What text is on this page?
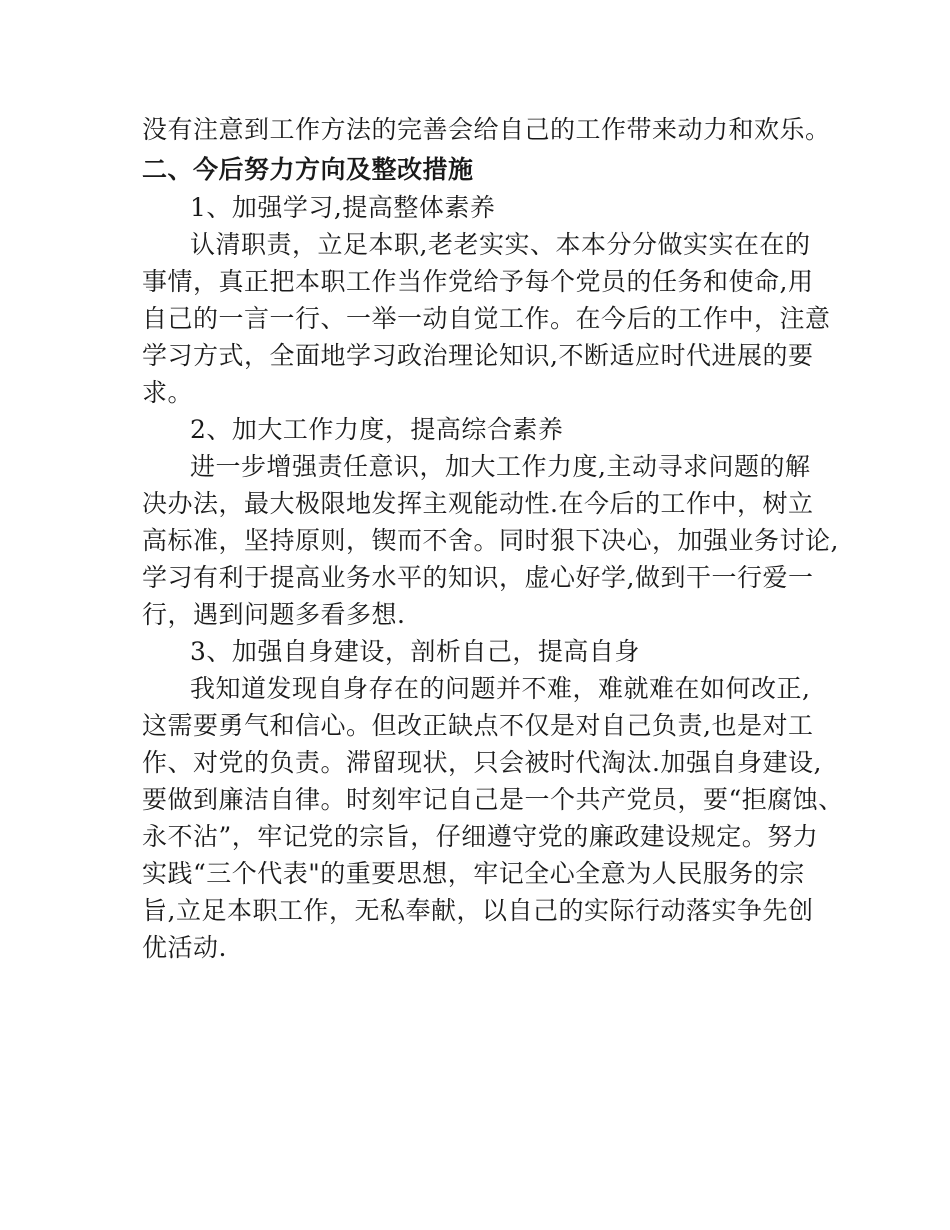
没有注意到工作方法的完善会给自己的工作带来动力和欢乐。
二、今后努力方向及整改措施
1、加强学习,提高整体素养
认清职责，立足本职,老老实实、本本分分做实实在在的
事情，真正把本职工作当作党给予每个党员的任务和使命,用
自己的一言一行、一举一动自觉工作。在今后的工作中，注意
学习方式，全面地学习政治理论知识,不断适应时代进展的要
求。
2、加大工作力度，提高综合素养
进一步增强责任意识，加大工作力度,主动寻求问题的解
决办法，最大极限地发挥主观能动性.在今后的工作中，树立
高标准，坚持原则，锲而不舍。同时狠下决心，加强业务讨论,
学习有利于提高业务水平的知识，虚心好学,做到干一行爱一
行，遇到问题多看多想.
3、加强自身建设，剖析自己，提高自身
我知道发现自身存在的问题并不难，难就难在如何改正,
这需要勇气和信心。但改正缺点不仅是对自己负责,也是对工
作、对党的负责。滞留现状，只会被时代淘汰.加强自身建设,
要做到廉洁自律。时刻牢记自己是一个共产党员，要“拒腐蚀、
永不沾”，牢记党的宗旨，仔细遵守党的廉政建设规定。努力
实践“三个代表"的重要思想，牢记全心全意为人民服务的宗
旨,立足本职工作，无私奉献，以自己的实际行动落实争先创
优活动.
